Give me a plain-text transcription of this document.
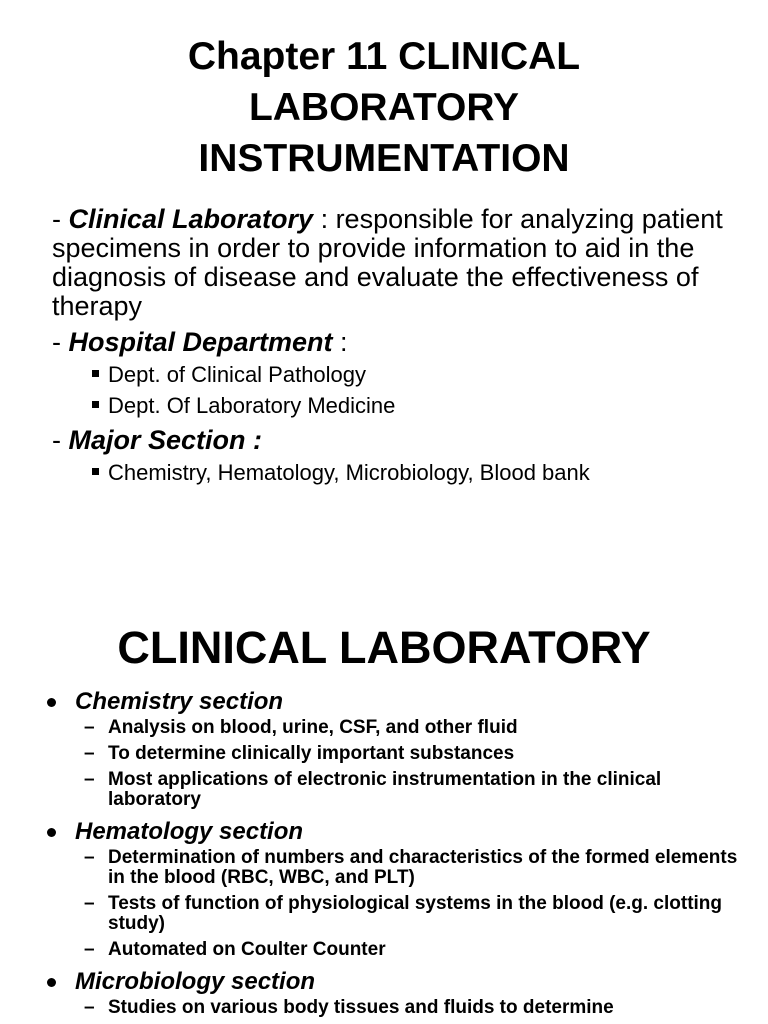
Chapter 11 CLINICAL
LABORATORY
INSTRUMENTATION

- Clinical Laboratory : responsible for analyzing patient specimens in order to provide information to aid in the diagnosis of disease and evaluate the effectiveness of therapy

- Hospital Department :

Dept. of Clinical Pathology

Dept. Of Laboratory Medicine

- Major Section :

Chemistry, Hematology, Microbiology, Blood bank

CLINICAL LABORATORY
Chemistry section
– Analysis on blood, urine, CSF, and other fluid
– To determine clinically important substances
– Most applications of electronic instrumentation in the clinical laboratory
Hematology section
– Determination of numbers and characteristics of the formed elements in the blood (RBC, WBC, and PLT)
– Tests of function of physiological systems in the blood (e.g. clotting study)
– Automated on Coulter Counter
Microbiology section
– Studies on various body tissues and fluids to determine
